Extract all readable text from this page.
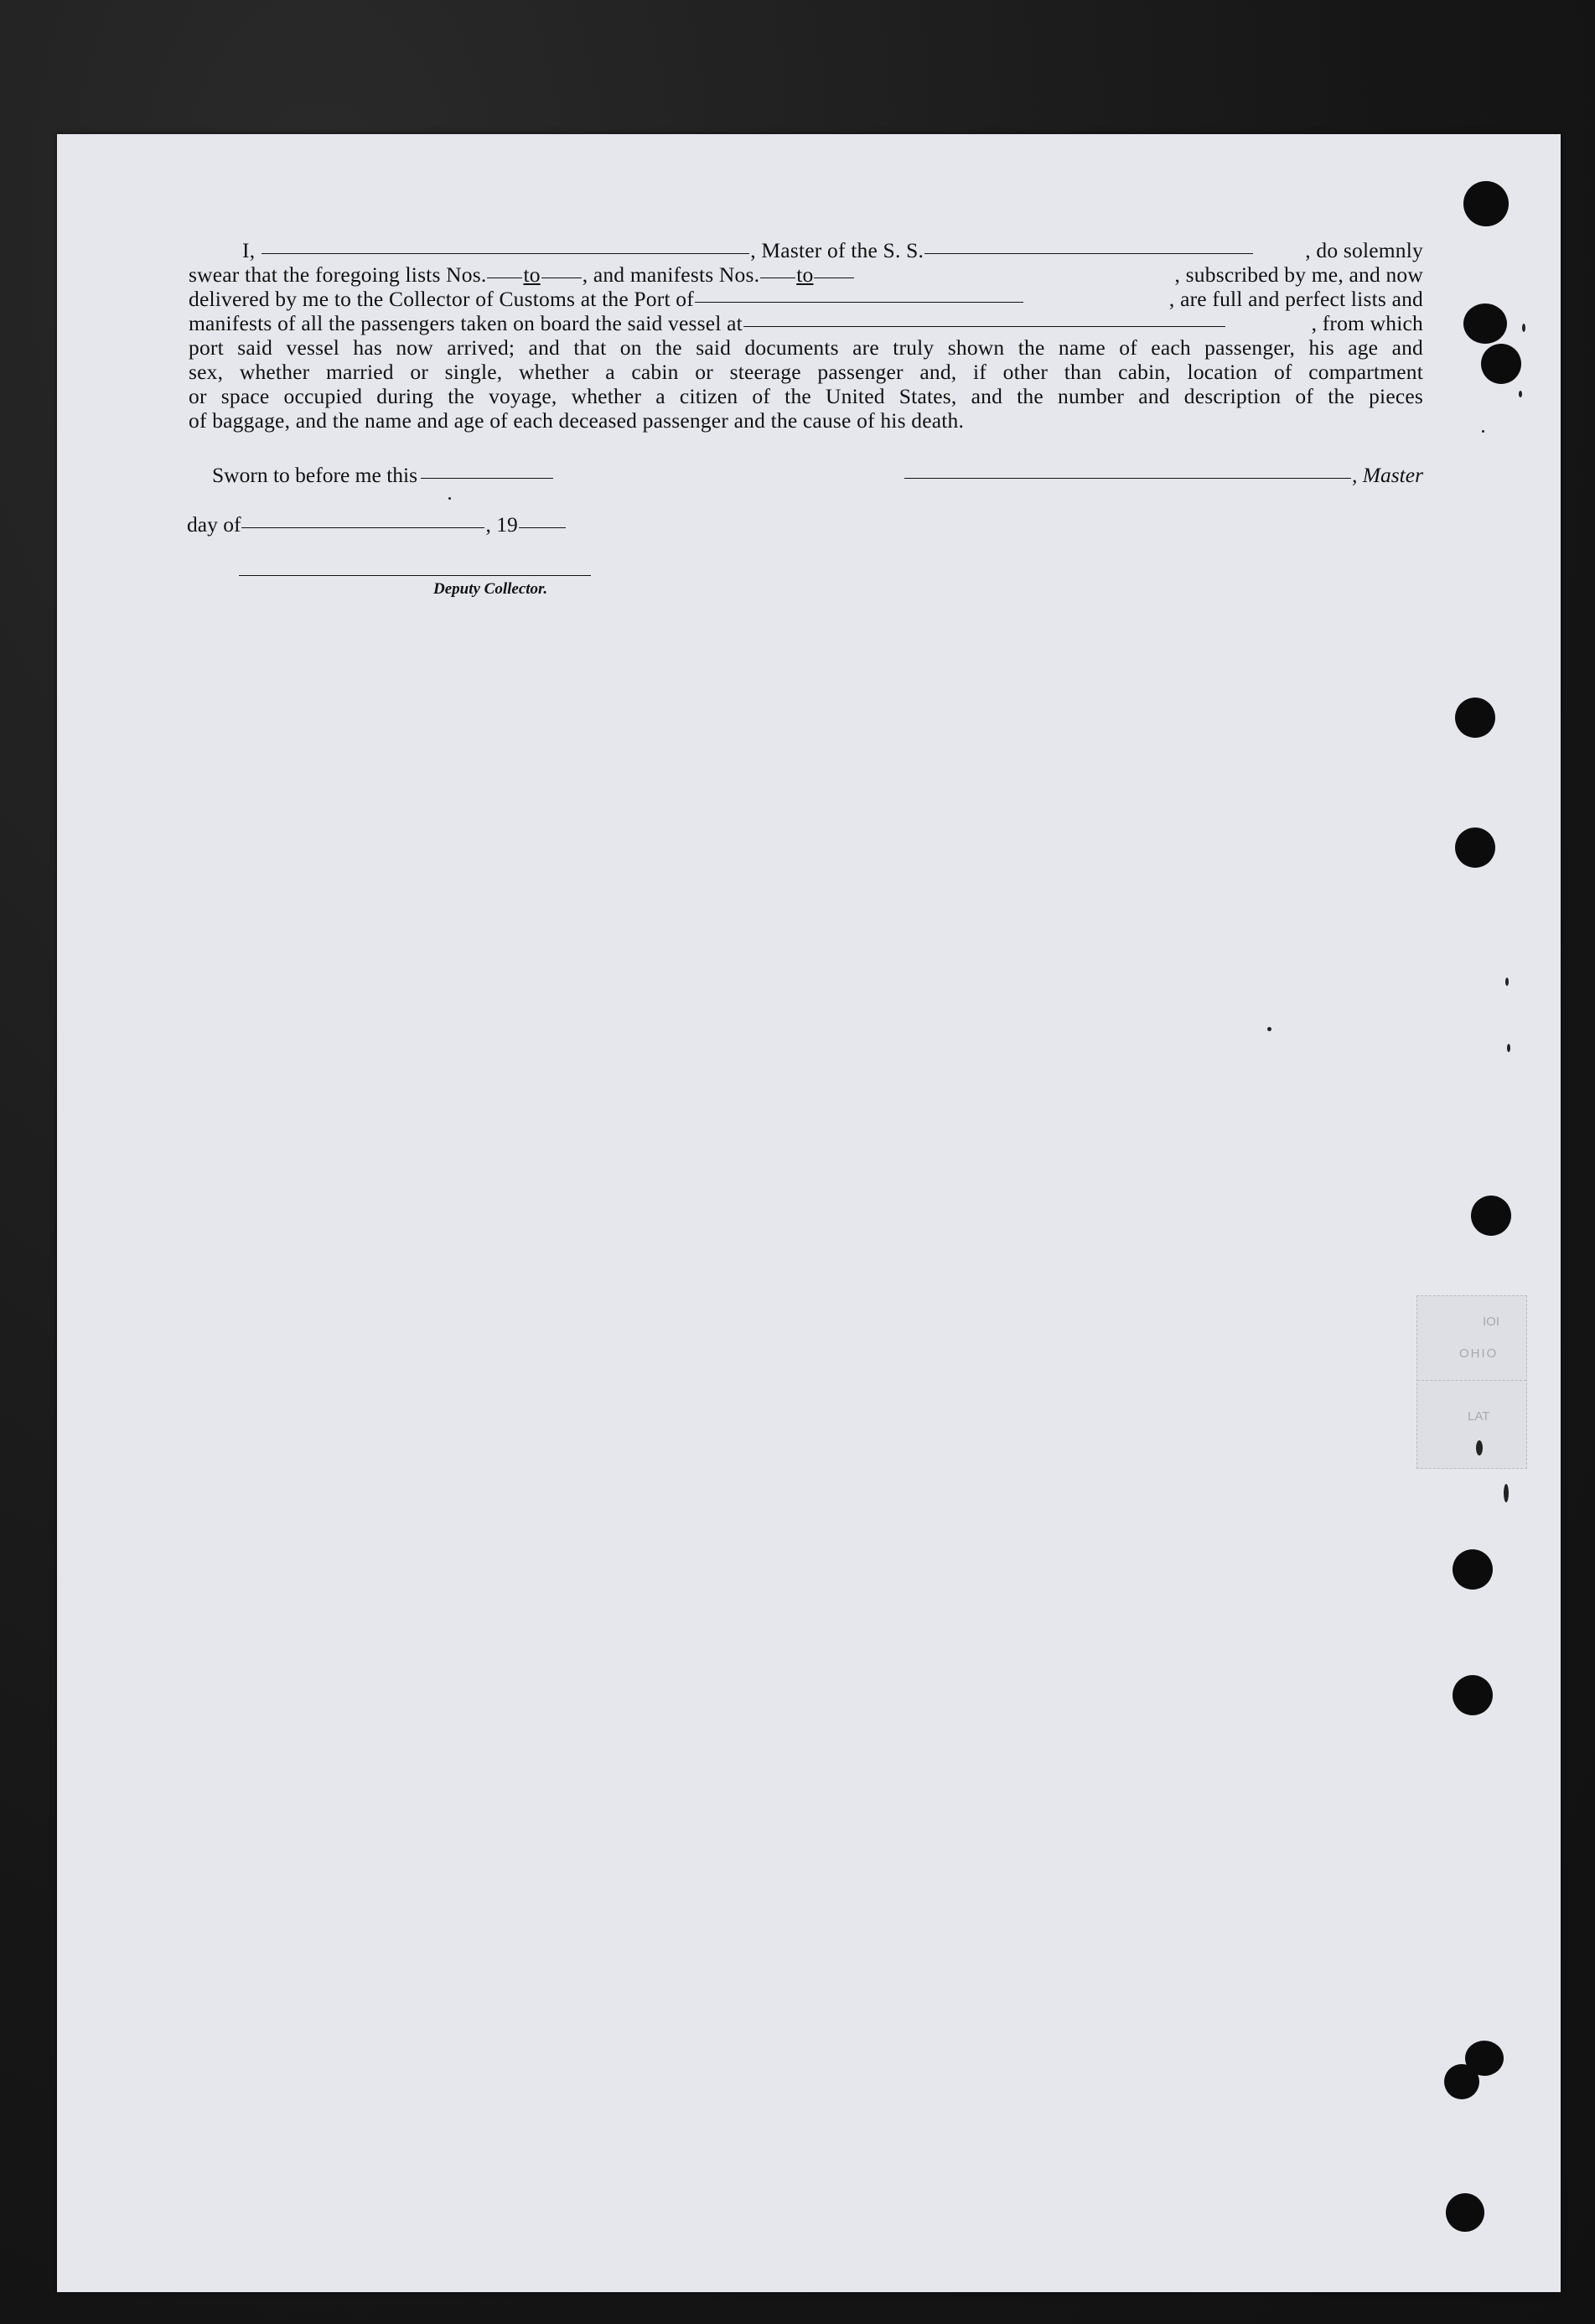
I,	, Master of the S. S.	, do solemnly
swear that the foregoing lists Nos. to , and manifests Nos. to	, subscribed by me, and now
delivered by me to the Collector of Customs at the Port of	, are full and perfect lists and
manifests of all the passengers taken on board the said vessel at	, from which
port said vessel has now arrived; and that on the said documents are truly shown the name of each passenger, his age and
sex, whether married or single, whether a cabin or steerage passenger and, if other than cabin, location of compartment
or space occupied during the voyage, whether a citizen of the United States, and the number and description of the pieces
of baggage, and the name and age of each deceased passenger and the cause of his death.
Sworn to before me this	, Master
day of	, 19
Deputy Collector.
IOI
OHIO
LAT
